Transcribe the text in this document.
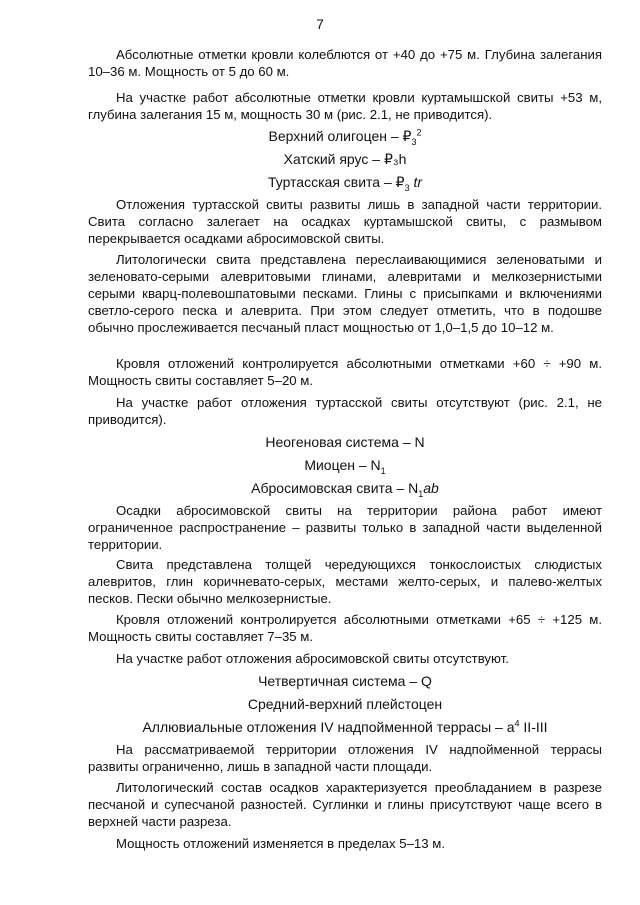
7

Абсолютные отметки кровли колеблются от +40 до +75 м. Глубина залегания 10–36 м. Мощность от 5 до 60 м.

На участке работ абсолютные отметки кровли куртамышской свиты +53 м, глубина залегания 15 м, мощность 30 м (рис. 2.1, не приводится).

Верхний олигоцен – $₽_3^2$

Хатский ярус – ₽₃h

Туртасская свита – $₽_3$ tr

Отложения туртасской свиты развиты лишь в западной части территории. Свита согласно залегает на осадках куртамышской свиты, с размывом перекрывается осадками абросимовской свиты.

Литологически свита представлена переслаивающимися зеленоватыми и зеленовато-серыми алевритовыми глинами, алевритами и мелкозернистыми серыми кварц-полевошпатовыми песками. Глины с присыпками и включениями светло-серого песка и алеврита. При этом следует отметить, что в подошве обычно прослеживается песчаный пласт мощностью от 1,0–1,5 до 10–12 м.

Кровля отложений контролируется абсолютными отметками +60 ÷ +90 м. Мощность свиты составляет 5–20 м.

На участке работ отложения туртасской свиты отсутствуют (рис. 2.1, не приводится).

Неогеновая система – N

Миоцен – $N_1$

Абросимовская свита – $N_1ab$

Осадки абросимовской свиты на территории района работ имеют ограниченное распространение – развиты только в западной части выделенной территории.

Свита представлена толщей чередующихся тонкослоистых слюдистых алевритов, глин коричневато-серых, местами желто-серых, и палево-желтых песков. Пески обычно мелкозернистые.

Кровля отложений контролируется абсолютными отметками +65 ÷ +125 м. Мощность свиты составляет 7–35 м.

На участке работ отложения абросимовской свиты отсутствуют.

Четвертичная система – Q

Средний-верхний плейстоцен

Аллювиальные отложения IV надпойменной террасы – $a^4$ II-III

На рассматриваемой территории отложения IV надпойменной террасы развиты ограниченно, лишь в западной части площади.

Литологический состав осадков характеризуется преобладанием в разрезе песчаной и супесчаной разностей. Суглинки и глины присутствуют чаще всего в верхней части разреза.

Мощность отложений изменяется в пределах 5–13 м.
